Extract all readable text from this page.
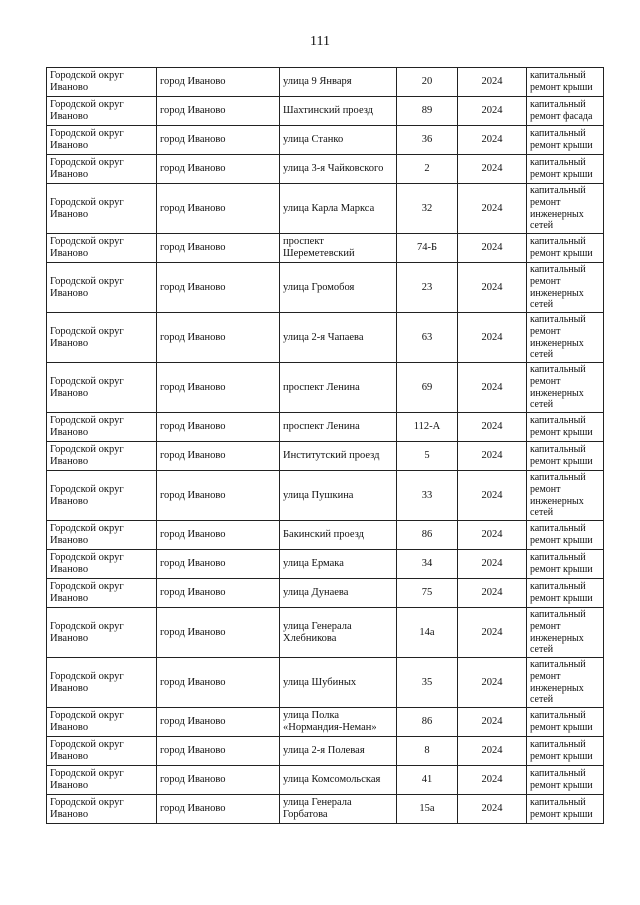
111
Городской округ Иваново	город Иваново	улица 9 Января	20	2024	капитальный ремонт крыши
Городской округ Иваново	город Иваново	Шахтинский проезд	89	2024	капитальный ремонт фасада
Городской округ Иваново	город Иваново	улица Станко	36	2024	капитальный ремонт крыши
Городской округ Иваново	город Иваново	улица 3-я Чайковского	2	2024	капитальный ремонт крыши
Городской округ Иваново	город Иваново	улица Карла Маркса	32	2024	капитальный ремонт инженерных сетей
Городской округ Иваново	город Иваново	проспект Шереметевский	74-Б	2024	капитальный ремонт крыши
Городской округ Иваново	город Иваново	улица Громобоя	23	2024	капитальный ремонт инженерных сетей
Городской округ Иваново	город Иваново	улица 2-я Чапаева	63	2024	капитальный ремонт инженерных сетей
Городской округ Иваново	город Иваново	проспект Ленина	69	2024	капитальный ремонт инженерных сетей
Городской округ Иваново	город Иваново	проспект Ленина	112-А	2024	капитальный ремонт крыши
Городской округ Иваново	город Иваново	Институтский проезд	5	2024	капитальный ремонт крыши
Городской округ Иваново	город Иваново	улица Пушкина	33	2024	капитальный ремонт инженерных сетей
Городской округ Иваново	город Иваново	Бакинский проезд	86	2024	капитальный ремонт крыши
Городской округ Иваново	город Иваново	улица Ермака	34	2024	капитальный ремонт крыши
Городской округ Иваново	город Иваново	улица Дунаева	75	2024	капитальный ремонт крыши
Городской округ Иваново	город Иваново	улица Генерала Хлебникова	14а	2024	капитальный ремонт инженерных сетей
Городской округ Иваново	город Иваново	улица Шубиных	35	2024	капитальный ремонт инженерных сетей
Городской округ Иваново	город Иваново	улица Полка «Нормандия-Неман»	86	2024	капитальный ремонт крыши
Городской округ Иваново	город Иваново	улица 2-я Полевая	8	2024	капитальный ремонт крыши
Городской округ Иваново	город Иваново	улица Комсомольская	41	2024	капитальный ремонт крыши
Городской округ Иваново	город Иваново	улица Генерала Горбатова	15а	2024	капитальный ремонт крыши
